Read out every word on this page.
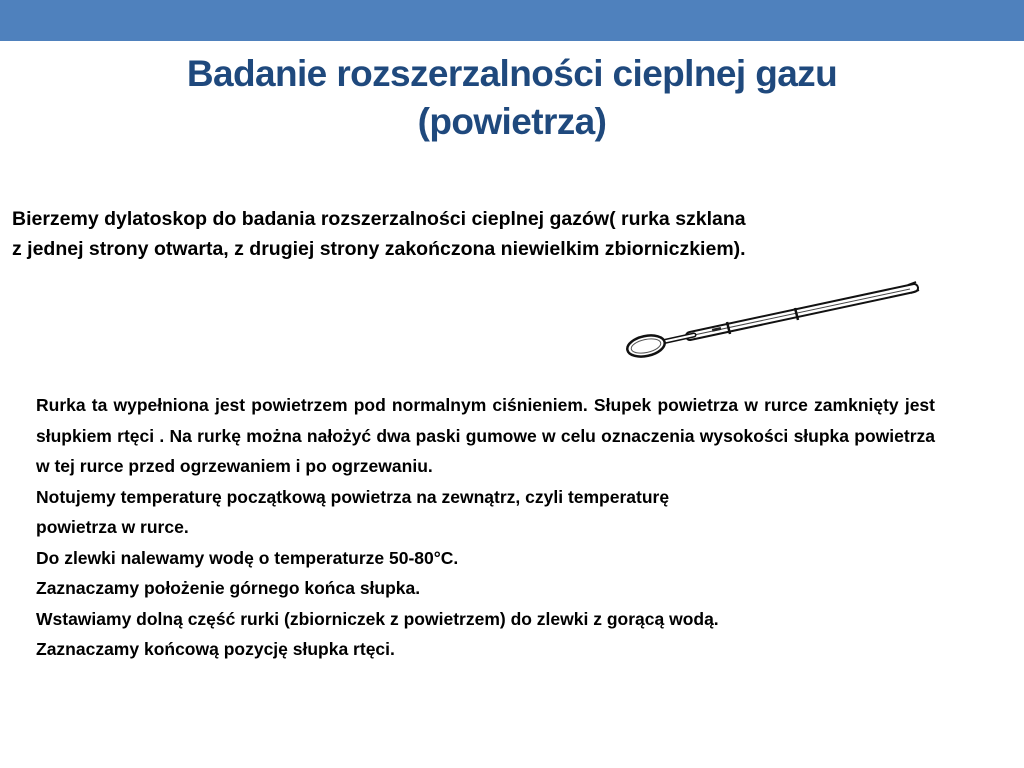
Badanie rozszerzalności cieplnej gazu
(powietrza)
Bierzemy dylatoskop do badania rozszerzalności cieplnej gazów( rurka szklana
z jednej strony otwarta, z drugiej strony zakończona niewielkim zbiorniczkiem).
Rurka ta wypełniona jest powietrzem pod normalnym ciśnieniem. Słupek powietrza w rurce zamknięty jest słupkiem rtęci . Na rurkę można nałożyć dwa paski gumowe w celu oznaczenia wysokości słupka powietrza w tej rurce przed ogrzewaniem i po ogrzewaniu.
Notujemy temperaturę początkową powietrza na zewnątrz, czyli temperaturę
powietrza w rurce.
Do zlewki nalewamy wodę o temperaturze 50-80°C.
Zaznaczamy położenie górnego końca słupka.
Wstawiamy dolną część rurki (zbiorniczek z powietrzem) do zlewki z gorącą wodą.
Zaznaczamy końcową pozycję słupka rtęci.
